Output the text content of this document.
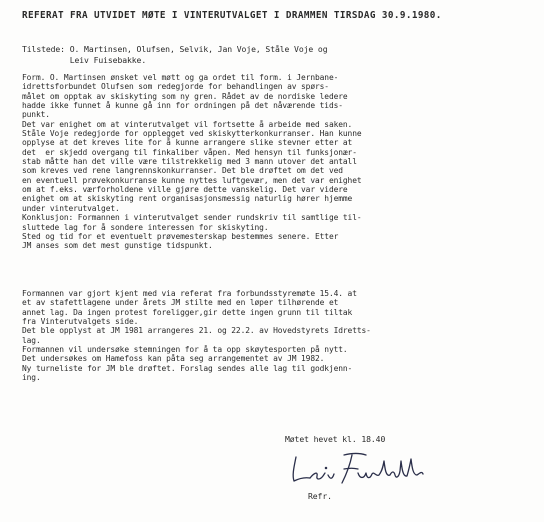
REFERAT FRA UTVIDET MØTE I VINTERUTVALGET I DRAMMEN TIRSDAG 30.9.1980.
Tilstede: O. Martinsen, Olufsen, Selvik, Jan Voje, Ståle Voje og
Leiv Fuisebakke.
Form. O. Martinsen ønsket vel møtt og ga ordet til form. i Jernbane-
idrettsforbundet Olufsen som redegjorde for behandlingen av spørs-
målet om opptak av skiskyting som ny gren. Rådet av de nordiske ledere
hadde ikke funnet å kunne gå inn for ordningen på det nåværende tids-
punkt.
Det var enighet om at vinterutvalget vil fortsette å arbeide med saken.
Ståle Voje redegjorde for opplegget ved skiskytterkonkurranser. Han kunne
opplyse at det kreves lite for å kunne arrangere slike stevner etter at
det  er skjedd overgang til finkaliber våpen. Med hensyn til funksjonær-
stab måtte han det ville være tilstrekkelig med 3 mann utover det antall
som kreves ved rene langrennskonkurranser. Det ble drøftet om det ved
en eventuell prøvekonkurranse kunne nyttes luftgevær, men det var enighet
om at f.eks. værforholdene ville gjøre dette vanskelig. Det var videre
enighet om at skiskyting rent organisasjonsmessig naturlig hører hjemme
under vinterutvalget.
Konklusjon: Formannen i vinterutvalget sender rundskriv til samtlige til-
sluttede lag for å sondere interessen for skiskyting.
Sted og tid for et eventuelt prøvemesterskap bestemmes senere. Etter
JM anses som det mest gunstige tidspunkt.
Formannen var gjort kjent med via referat fra forbundsstyremøte 15.4. at
et av stafettlagene under årets JM stilte med en løper tilhørende et
annet lag. Da ingen protest foreligger,gir dette ingen grunn til tiltak
fra Vinterutvalgets side.
Det ble opplyst at JM 1981 arrangeres 21. og 22.2. av Hovedstyrets Idretts-
lag.
Formannen vil undersøke stemningen for å ta opp skøytesporten på nytt.
Det undersøkes om Hamefoss kan påta seg arrangementet av JM 1982.
Ny turneliste for JM ble drøftet. Forslag sendes alle lag til godkjenn-
ing.
Møtet hevet kl. 18.40
Refr.
